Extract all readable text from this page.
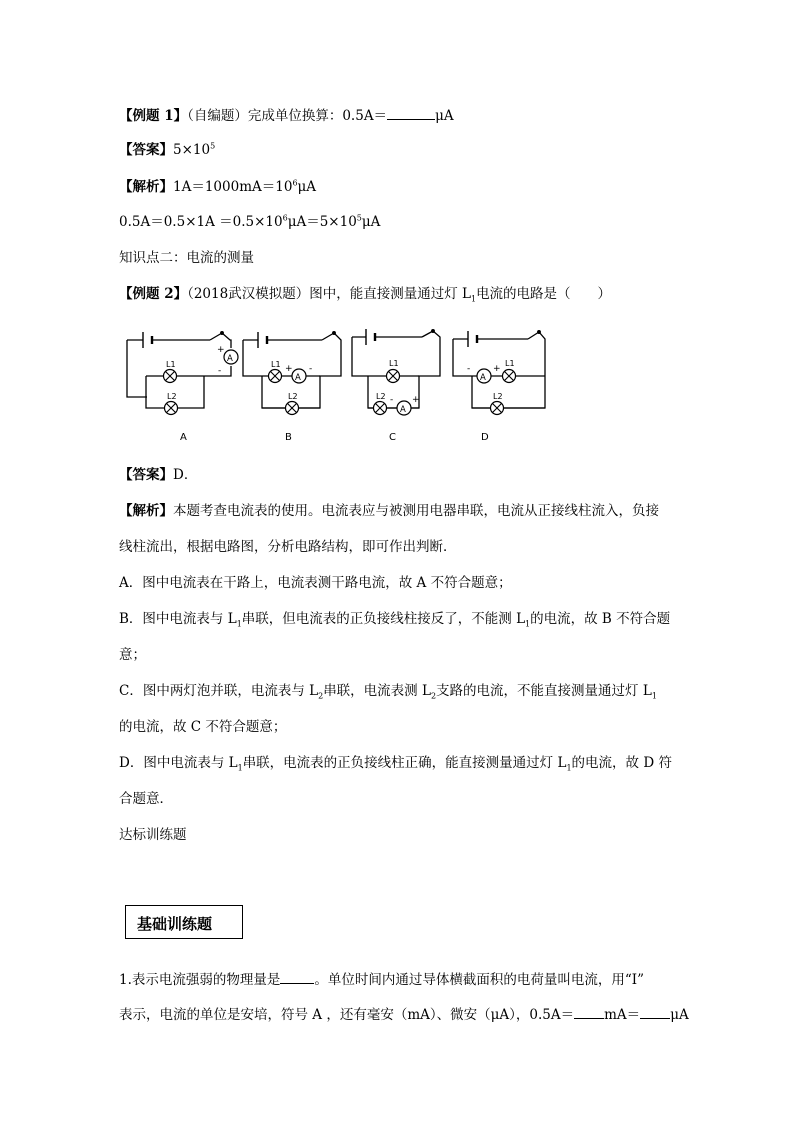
【例题 1】（自编题）完成单位换算：0.5A＝	μA
【答案】$5\times 10^5$
【解析】$1A=1000mA=10^6\mu A$
$0.5A=0.5\times 1A =0.5\times 10^6\mu A=5\times 10^5\mu A$
知识点二：电流的测量
【例题 2】（2018武汉模拟题）图中，能直接测量通过灯 $L_1$电流的电路是（　　）
A
+
-
L1
L2
A
A
+ -
L1
L2
B
A
- +
L1
L2
C
A
-	+
L1
L2
D
【答案】D．
【解析】本题考查电流表的使用。电流表应与被测用电器串联，电流从正接线柱流入，负接
线柱流出，根据电路图，分析电路结构，即可作出判断．
A．图中电流表在干路上，电流表测干路电流，故 A 不符合题意；
B．图中电流表与 $L_1$串联，但电流表的正负接线柱接反了，不能测 $L_1$的电流，故 B 不符合题
意；
C．图中两灯泡并联，电流表与 $L_2$串联，电流表测 $L_2$支路的电流，不能直接测量通过灯 $L_1$
的电流，故 C 不符合题意；
D．图中电流表与 $L_1$串联，电流表的正负接线柱正确，能直接测量通过灯 $L_1$的电流，故 D 符
合题意．
达标训练题
基础训练题
1.表示电流强弱的物理量是	。单位时间内通过导体横截面积的电荷量叫电流，用“I”
表示，电流的单位是安培，符号 A ，还有毫安（mA）、微安（μA），0.5A＝ mA＝ μA
